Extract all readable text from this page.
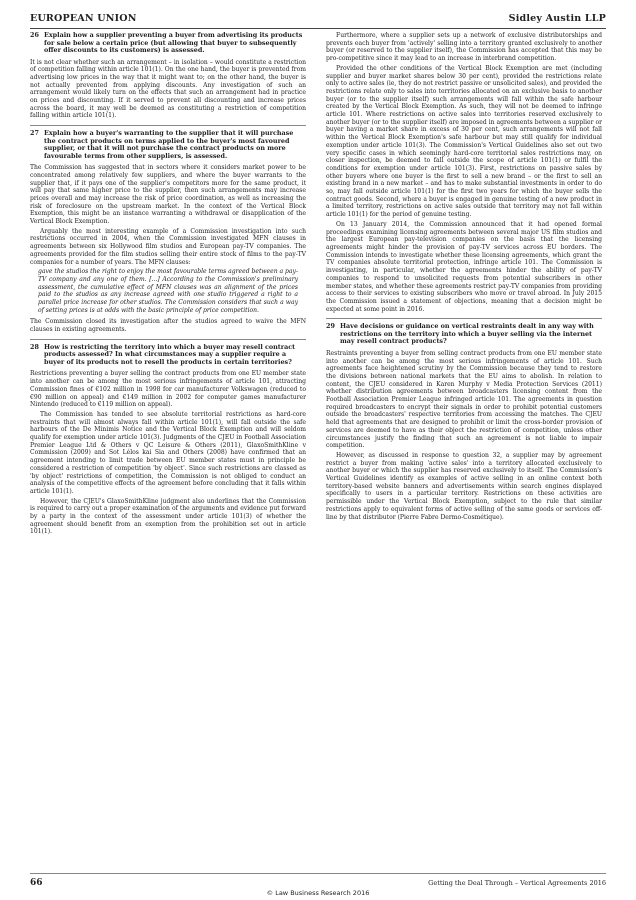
EUROPEAN UNION	Sidley Austin LLP
26 Explain how a supplier preventing a buyer from advertising its products for sale below a certain price (but allowing that buyer to subsequently offer discounts to its customers) is assessed.

It is not clear whether such an arrangement – in isolation – would constitute a restriction of competition falling within article 101(1). On the one hand, the buyer is prevented from advertising low prices in the way that it might want to; on the other hand, the buyer is not actually prevented from applying discounts. Any investigation of such an arrangement would likely turn on the effects that such an arrangement had in practice on prices and discounting. If it served to prevent all discounting and increase prices across the board, it may well be deemed as constituting a restriction of competition falling within article 101(1).

27 Explain how a buyer's warranting to the supplier that it will purchase the contract products on terms applied to the buyer's most favoured supplier, or that it will not purchase the contract products on more favourable terms from other suppliers, is assessed.

The Commission has suggested that in sectors where it considers market power to be concentrated among relatively few suppliers, and where the buyer warrants to the supplier that, if it pays one of the supplier's competitors more for the same product, it will pay that same higher price to the supplier, then such arrangements may increase prices overall and may increase the risk of price coordination, as well as increasing the risk of foreclosure on the upstream market. In the context of the Vertical Block Exemption, this might be an instance warranting a withdrawal or disapplication of the Vertical Block Exemption.

Arguably the most interesting example of a Commission investigation into such restrictions occurred in 2004, when the Commission investigated MFN clauses in agreements between six Hollywood film studios and European pay-TV companies. The agreements provided for the film studios selling their entire stock of films to the pay-TV companies for a number of years. The MFN clauses:

gave the studios the right to enjoy the most favourable terms agreed between a pay-TV company and any one of them. [...] According to the Commission's preliminary assessment, the cumulative effect of MFN clauses was an alignment of the prices paid to the studios as any increase agreed with one studio triggered a right to a parallel price increase for other studios. The Commission considers that such a way of setting prices is at odds with the basic principle of price competition.

The Commission closed its investigation after the studios agreed to waive the MFN clauses in existing agreements.

28 How is restricting the territory into which a buyer may resell contract products assessed? In what circumstances may a supplier require a buyer of its products not to resell the products in certain territories?

Restrictions preventing a buyer selling the contract products from one EU member state into another can be among the most serious infringements of article 101, attracting Commission fines of €102 million in 1998 for car manufacturer Volkswagen (reduced to €90 million on appeal) and €149 million in 2002 for computer games manufacturer Nintendo (reduced to €119 million on appeal).

The Commission has tended to see absolute territorial restrictions as hard-core restraints that will almost always fall within article 101(1), will fall outside the safe harbours of the De Minimis Notice and the Vertical Block Exemption and will seldom qualify for exemption under article 101(3). Judgments of the CJEU in Football Association Premier League Ltd & Others v QC Leisure & Others (2011), GlaxoSmithKline v Commission (2009) and Sot Lélos kai Sia and Others (2008) have confirmed that an agreement intending to limit trade between EU member states must in principle be considered a restriction of competition 'by object'. Since such restrictions are classed as 'by object' restrictions of competition, the Commission is not obliged to conduct an analysis of the competitive effects of the agreement before concluding that it falls within article 101(1).

However, the CJEU's GlaxoSmithKline judgment also underlines that the Commission is required to carry out a proper examination of the arguments and evidence put forward by a party in the context of the assessment under article 101(3) of whether the agreement should benefit from an exemption from the prohibition set out in article 101(1).

Furthermore, where a supplier sets up a network of exclusive distributorships and prevents each buyer from 'actively' selling into a territory granted exclusively to another buyer (or reserved to the supplier itself), the Commission has accepted that this may be pro-competitive since it may lead to an increase in interbrand competition.

Provided the other conditions of the Vertical Block Exemption are met (including supplier and buyer market shares below 30 per cent), provided the restrictions relate only to active sales (ie, they do not restrict passive or unsolicited sales), and provided the restrictions relate only to sales into territories allocated on an exclusive basis to another buyer (or to the supplier itself) such arrangements will fall within the safe harbour created by the Vertical Block Exemption. As such, they will not be deemed to infringe article 101. Where restrictions on active sales into territories reserved exclusively to another buyer (or to the supplier itself) are imposed in agreements between a supplier or buyer having a market share in excess of 30 per cent, such arrangements will not fall within the Vertical Block Exemption's safe harbour but may still qualify for individual exemption under article 101(3). The Commission's Vertical Guidelines also set out two very specific cases in which seemingly hard-core territorial sales restrictions may, on closer inspection, be deemed to fall outside the scope of article 101(1) or fulfil the conditions for exemption under article 101(3). First, restrictions on passive sales by other buyers where one buyer is the first to sell a new brand – or the first to sell an existing brand in a new market – and has to make substantial investments in order to do so, may fall outside article 101(1) for the first two years for which the buyer sells the contract goods. Second, where a buyer is engaged in genuine testing of a new product in a limited territory, restrictions on active sales outside that territory may not fall within article 101(1) for the period of genuine testing.

On 13 January 2014, the Commission announced that it had opened formal proceedings examining licensing agreements between several major US film studios and the largest European pay-television companies on the basis that the licensing agreements might hinder the provision of pay-TV services across EU borders. The Commission intends to investigate whether these licensing agreements, which grant the TV companies absolute territorial protection, infringe article 101. The Commission is investigating, in particular, whether the agreements hinder the ability of pay-TV companies to respond to unsolicited requests from potential subscribers in other member states, and whether these agreements restrict pay-TV companies from providing access to their services to existing subscribers who move or travel abroad. In July 2015 the Commission issued a statement of objections, meaning that a decision might be expected at some point in 2016.

29 Have decisions or guidance on vertical restraints dealt in any way with restrictions on the territory into which a buyer selling via the internet may resell contract products?

Restraints preventing a buyer from selling contract products from one EU member state into another can be among the most serious infringements of article 101. Such agreements face heightened scrutiny by the Commission because they tend to restore the divisions between national markets that the EU aims to abolish. In relation to content, the CJEU considered in Karen Murphy v Media Protection Services (2011) whether distribution agreements between broadcasters licensing content from the Football Association Premier League infringed article 101. The agreements in question required broadcasters to encrypt their signals in order to prohibit potential customers outside the broadcasters' respective territories from accessing the matches. The CJEU held that agreements that are designed to prohibit or limit the cross-border provision of services are deemed to have as their object the restriction of competition, unless other circumstances justify the finding that such an agreement is not liable to impair competition.

However, as discussed in response to question 32, a supplier may by agreement restrict a buyer from making 'active sales' into a territory allocated exclusively to another buyer or which the supplier has reserved exclusively to itself. The Commission's Vertical Guidelines identify as examples of active selling in an online context both territory-based website banners and advertisements within search engines displayed specifically to users in a particular territory. Restrictions on these activities are permissible under the Vertical Block Exemption, subject to the rule that similar restrictions apply to equivalent forms of active selling of the same goods or services off-line by that distributor (Pierre Fabre Dermo-Cosmétique).

66	Getting the Deal Through – Vertical Agreements 2016
© Law Business Research 2016
